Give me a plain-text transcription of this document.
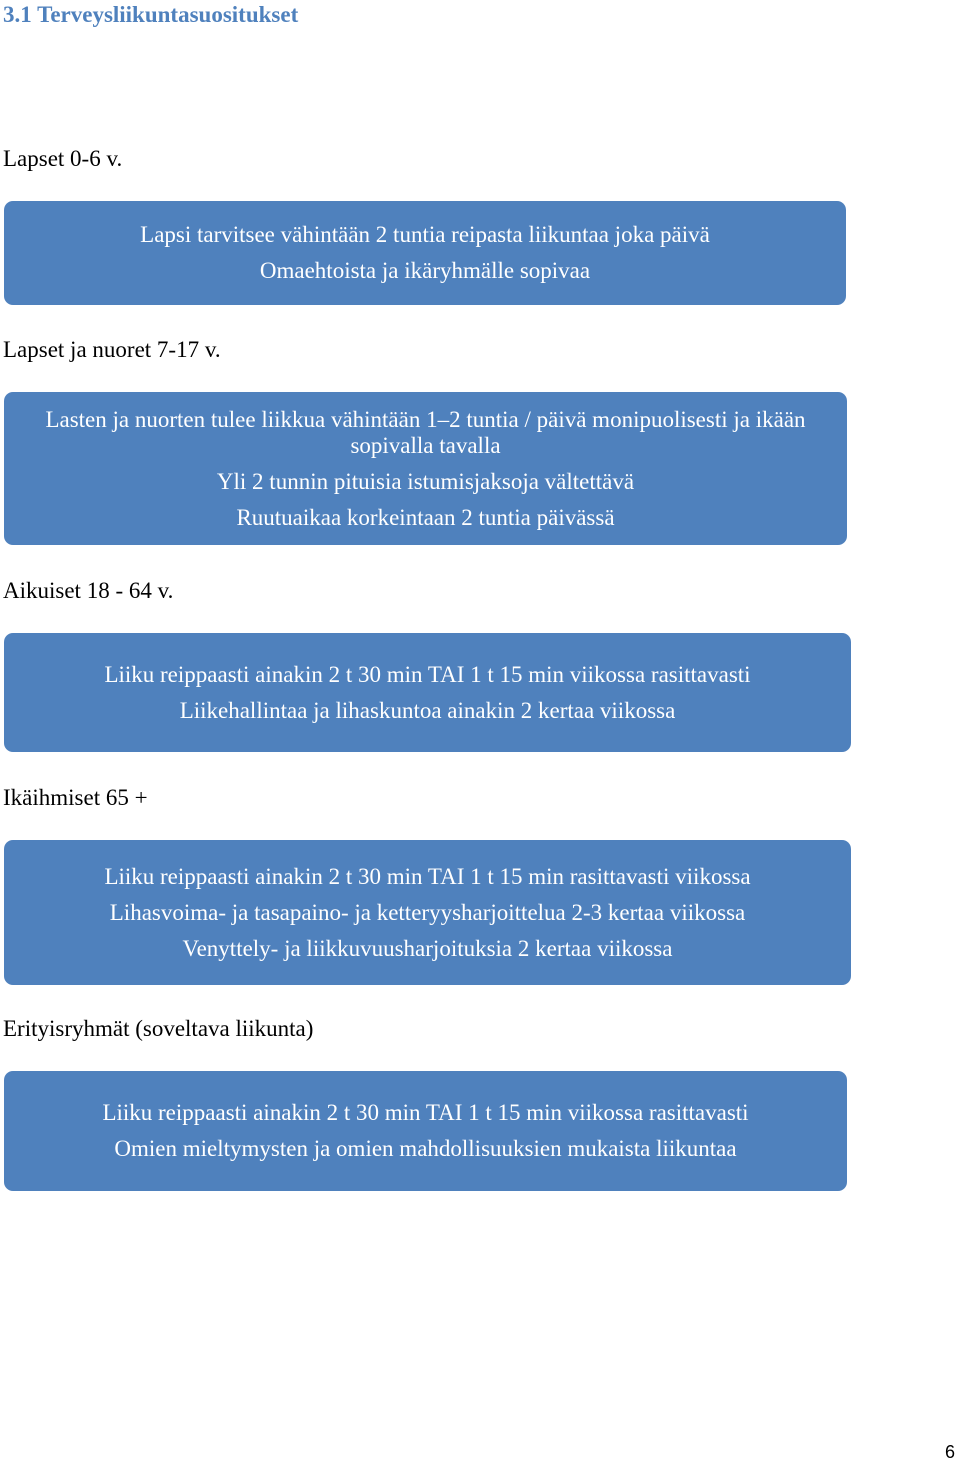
3.1 Terveysliikuntasuositukset
Lapset 0-6 v.
Lapsi tarvitsee vähintään 2 tuntia reipasta liikuntaa joka päivä
Omaehtoista ja ikäryhmälle sopivaa
Lapset ja nuoret 7-17 v.
Lasten ja nuorten tulee liikkua vähintään 1–2 tuntia / päivä monipuolisesti ja ikään sopivalla tavalla
Yli 2 tunnin pituisia istumisjaksoja vältettävä
Ruutuaikaa korkeintaan 2 tuntia päivässä
Aikuiset 18 - 64 v.
Liiku reippaasti ainakin 2 t 30 min TAI 1 t 15 min viikossa rasittavasti
Liikehallintaa ja lihaskuntoa ainakin 2 kertaa viikossa
Ikäihmiset 65 +
Liiku reippaasti ainakin 2 t 30 min TAI 1 t 15 min rasittavasti viikossa
Lihasvoima- ja tasapaino- ja ketteryysharjoittelua 2-3 kertaa viikossa
Venyttely- ja liikkuvuusharjoituksia 2 kertaa viikossa
Erityisryhmät (soveltava liikunta)
Liiku reippaasti ainakin 2 t 30 min TAI 1 t 15 min viikossa rasittavasti
Omien mieltymysten ja omien mahdollisuuksien mukaista liikuntaa
6
